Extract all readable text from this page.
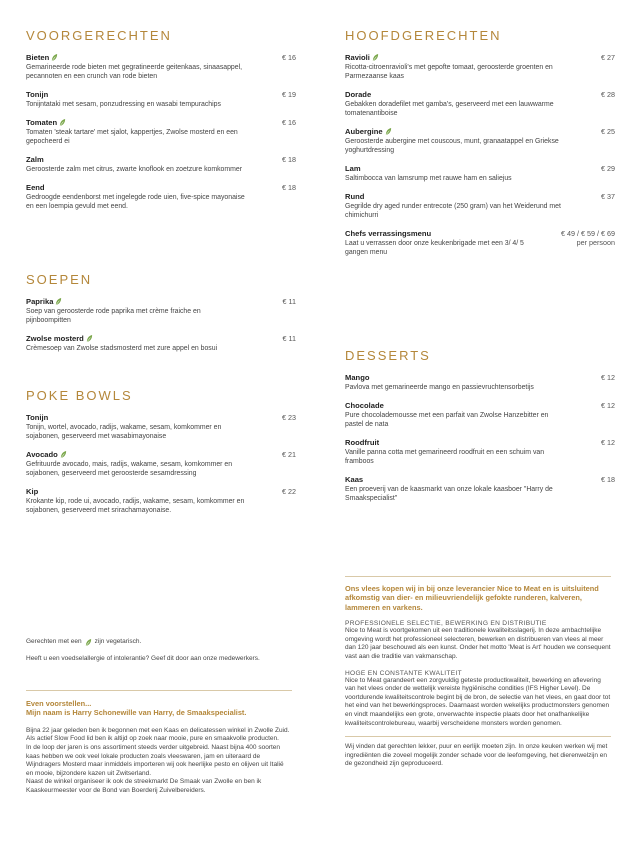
VOORGERECHTEN
Bieten	€ 16
Gemarineerde rode bieten met gegratineerde geitenkaas, sinaasappel, pecannoten en een crunch van rode bieten
Tonijn	€ 19
Tonijntataki met sesam, ponzudressing en wasabi tempurachips
Tomaten	€ 16
Tomaten 'steak tartare' met sjalot, kappertjes, Zwolse mosterd en een gepocheerd ei
Zalm	€ 18
Geroosterde zalm met citrus, zwarte knoflook en zoetzure komkommer
Eend	€ 18
Gedroogde eendenborst met ingelegde rode uien, five-spice mayonaise en een loempia gevuld met eend.
SOEPEN
Paprika	€ 11
Soep van geroosterde rode paprika met crème fraiche en pijnboompitten
Zwolse mosterd	€ 11
Crèmesoep van Zwolse stadsmosterd met zure appel en bosui
POKE BOWLS
Tonijn	€ 23
Tonijn, wortel, avocado, radijs, wakame, sesam, komkommer en sojabonen, geserveerd met wasabimayonaise
Avocado	€ 21
Gefrituurde avocado, mais, radijs, wakame, sesam, komkommer en sojabonen, geserveerd met geroosterde sesamdressing
Kip	€ 22
Krokante kip, rode ui, avocado, radijs, wakame, sesam, komkommer en sojabonen, geserveerd met sriracha​mayonaise.
HOOFDGERECHTEN
Ravioli	€ 27
Ricotta-citroenravioli's met gepofte tomaat, geroosterde groenten en Parmezaanse kaas
Dorade	€ 28
Gebakken doradefilet met gamba's, geserveerd met een lauwwarme tomatenantiboise
Aubergine	€ 25
Geroosterde aubergine met couscous, munt, granaatappel en Griekse yoghurtdressing
Lam	€ 29
Saltimbocca van lamsrump met rauwe ham en saliejus
Rund	€ 37
Gegrilde dry aged runder entrecote (250 gram) van het Weiderund met chimichurri
Chefs verrassingsmenu	€ 49 / € 59 / € 69
per persoon
Laat u verrassen door onze keukenbrigade met een 3/ 4/ 5 gangen menu
DESSERTS
Mango	€ 12
Pavlova met gemarineerde mango en passievruchtensorbetijs
Chocolade	€ 12
Pure chocolademousse met een parfait van Zwolse Hanzebitter en pastel de nata
Roodfruit	€ 12
Vanille panna cotta met gemarineerd roodfruit en een schuim van framboos
Kaas	€ 18
Een proeverij van de kaasmarkt van onze lokale kaasboer "Harry de Smaakspecialist"
Gerechten met een zijn vegetarisch.

Heeft u een voedselallergie of intolerantie? Geef dit door aan onze medewerkers.

Even voorstellen...

Mijn naam is Harry Schonewille van Harry, de Smaakspecialist.

Bijna 22 jaar geleden ben ik begonnen met een Kaas en delicatessen winkel in Zwolle Zuid. Als actief Slow Food lid ben ik altijd op zoek naar mooie, pure en smaakvolle producten.

In de loop der jaren is ons assortiment steeds verder uitgebreid. Naast bijna 400 soorten kaas hebben we ook veel lokale producten zoals vleeswaren, jam en uiteraard de Wijndragers Mosterd maar inmiddels importeren wij ook heerlijke pesto en olijven uit Italië en mooie, bijzondere kazen uit Zwitserland.

Naast de winkel organiseer ik ook de streekmarkt De Smaak van Zwolle en ben ik Kaaskeurmeester voor de Bond van Boerderij Zuivelbereiders.

Ons vlees kopen wij in bij onze leverancier Nice to Meat en is uitsluitend afkomstig van dier- en milieuvriendelijk gefokte runderen, kalveren, lammeren en varkens.

PROFESSIONELE SELECTIE, BEWERKING EN DISTRIBUTIE

Nice to Meat is voortgekomen uit een traditionele kwaliteitsslagerij. In deze ambachtelijke omgeving wordt het professioneel selecteren, bewerken en distribueren van vlees al meer dan 120 jaar beschouwd als een kunst. Onder het motto 'Meat is Art' houden we consequent vast aan die traditie van vakmanschap.

HOGE EN CONSTANTE KWALITEIT

Nice to Meat garandeert een zorgvuldig geteste productkwaliteit, bewerking en aflevering van het vlees onder de wettelijk vereiste hygiënische condities (IFS Higher Level). De voortdurende kwaliteitscontrole begint bij de bron, de selectie van het vlees, en gaat door tot het eind van het bewerkingsproces. Daarnaast worden wekelijks productmonsters genomen en vindt maandelijks een grote, onverwachte inspectie plaats door het onafhankelijke kwaliteitscontrolebureau, waarbij verscheidene monsters worden genomen.

Wij vinden dat gerechten lekker, puur en eerlijk moeten zijn. In onze keuken werken wij met ingrediënten die zoveel mogelijk zonder schade voor de leefomgeving, het dierenwelzijn en de gezondheid zijn geproduceerd.
